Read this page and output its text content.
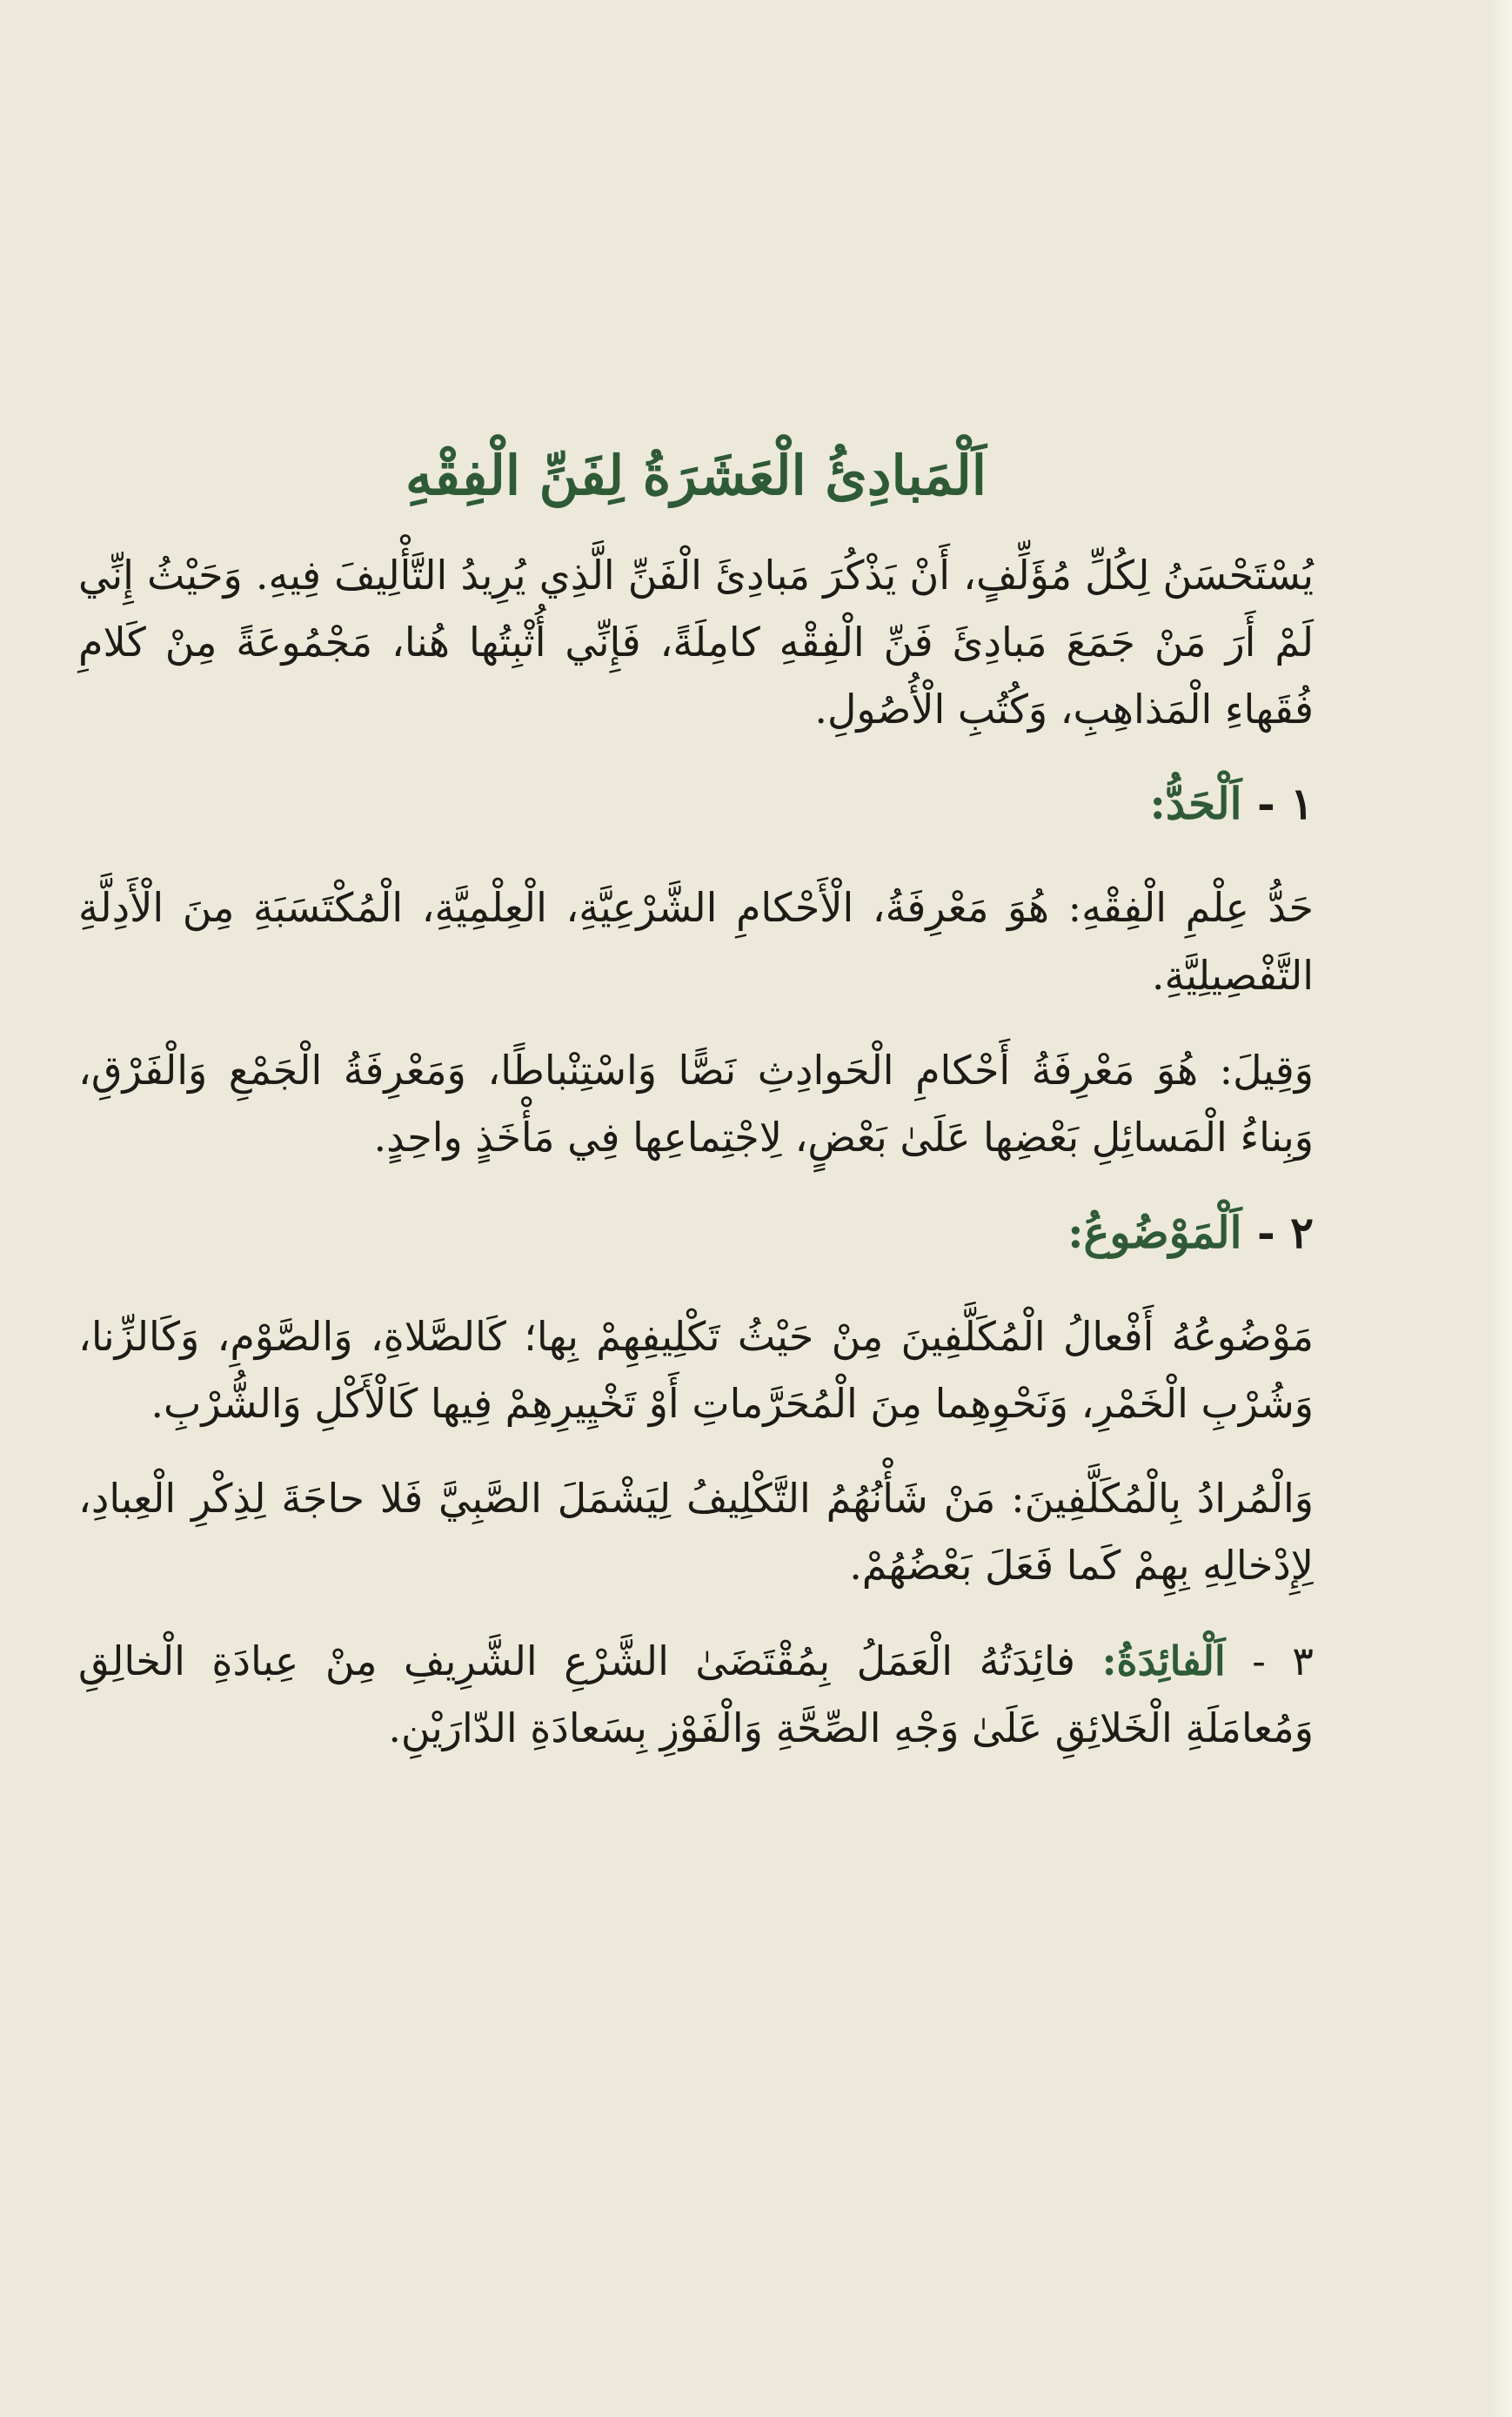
اَلْمَبادِئُ الْعَشَرَةُ لِفَنِّ الْفِقْهِ

يُسْتَحْسَنُ لِكُلِّ مُؤَلِّفٍ، أَنْ يَذْكُرَ مَبادِئَ الْفَنِّ الَّذِي يُرِيدُ التَّأْلِيفَ فِيهِ. وَحَيْثُ إِنِّي لَمْ أَرَ مَنْ جَمَعَ مَبادِئَ فَنِّ الْفِقْهِ كامِلَةً، فَإِنِّي أُثْبِتُها هُنا، مَجْمُوعَةً مِنْ كَلامِ فُقَهاءِ الْمَذاهِبِ، وَكُتُبِ الْأُصُولِ.

١ - اَلْحَدُّ:

حَدُّ عِلْمِ الْفِقْهِ: هُوَ مَعْرِفَةُ، الْأَحْكامِ الشَّرْعِيَّةِ، الْعِلْمِيَّةِ، الْمُكْتَسَبَةِ مِنَ الْأَدِلَّةِ التَّفْصِيلِيَّةِ.

وَقِيلَ: هُوَ مَعْرِفَةُ أَحْكامِ الْحَوادِثِ نَصًّا وَاسْتِنْباطًا، وَمَعْرِفَةُ الْجَمْعِ وَالْفَرْقِ، وَبِناءُ الْمَسائِلِ بَعْضِها عَلَىٰ بَعْضٍ، لِاجْتِماعِها فِي مَأْخَذٍ واحِدٍ.

٢ - اَلْمَوْضُوعُ:

مَوْضُوعُهُ أَفْعالُ الْمُكَلَّفِينَ مِنْ حَيْثُ تَكْلِيفِهِمْ بِها؛ كَالصَّلاةِ، وَالصَّوْمِ، وَكَالزِّنا، وَشُرْبِ الْخَمْرِ، وَنَحْوِهِما مِنَ الْمُحَرَّماتِ أَوْ تَخْيِيرِهِمْ فِيها كَالْأَكْلِ وَالشُّرْبِ.

وَالْمُرادُ بِالْمُكَلَّفِينَ: مَنْ شَأْنُهُمُ التَّكْلِيفُ لِيَشْمَلَ الصَّبِيَّ فَلا حاجَةَ لِذِكْرِ الْعِبادِ، لِإِدْخالِهِ بِهِمْ كَما فَعَلَ بَعْضُهُمْ.

٣ - اَلْفائِدَةُ: فائِدَتُهُ الْعَمَلُ بِمُقْتَضَىٰ الشَّرْعِ الشَّرِيفِ مِنْ عِبادَةِ الْخالِقِ وَمُعامَلَةِ الْخَلائِقِ عَلَىٰ وَجْهِ الصِّحَّةِ وَالْفَوْزِ بِسَعادَةِ الدّارَيْنِ.
